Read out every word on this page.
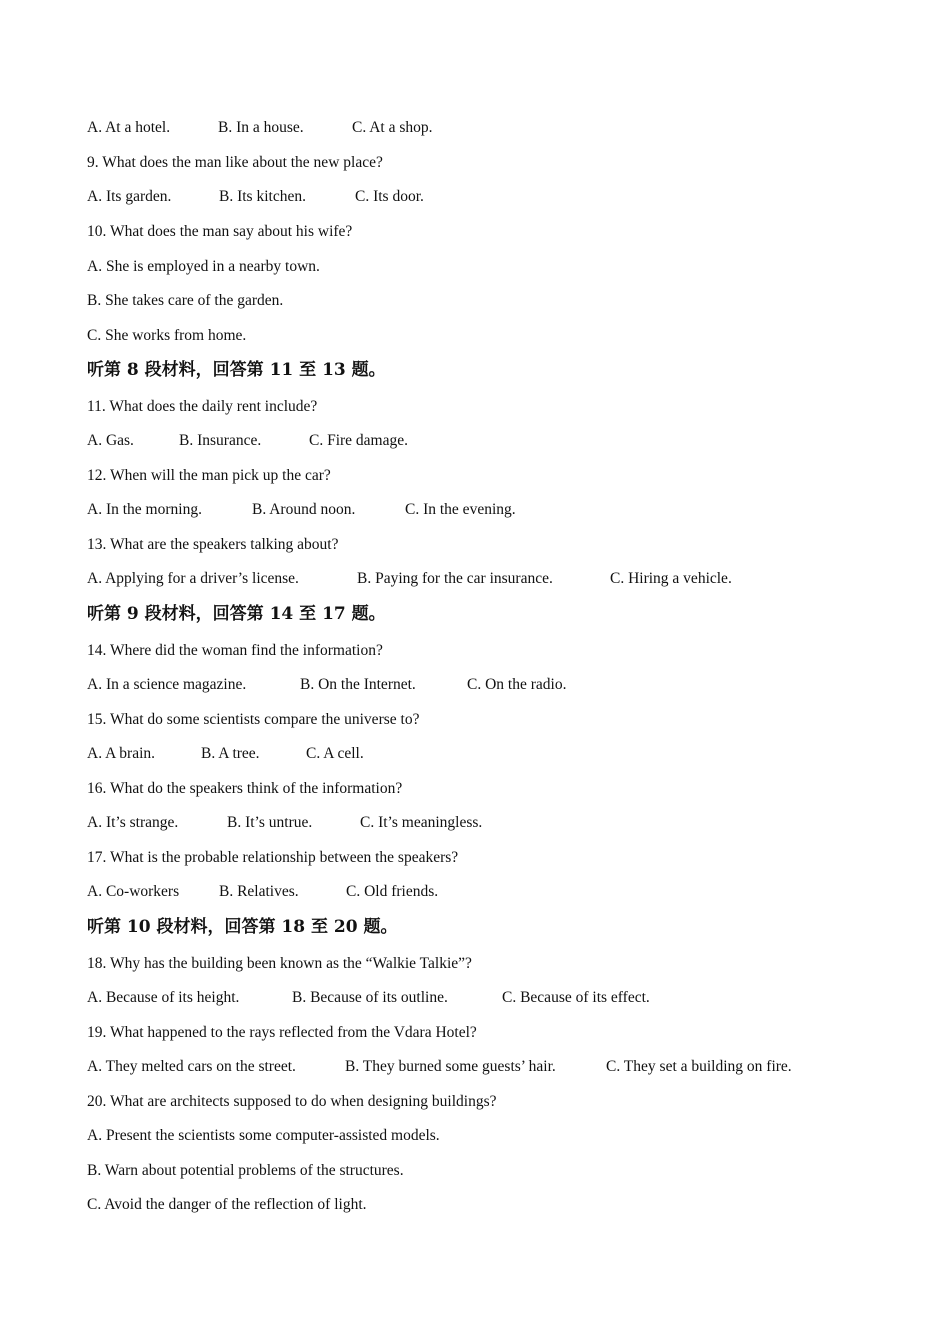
A. At a hotel.	B. In a house.	C. At a shop.
9. What does the man like about the new place?
A. Its garden.	B. Its kitchen.	C. Its door.
10. What does the man say about his wife?
A. She is employed in a nearby town.
B. She takes care of the garden.
C. She works from home.
听第 8 段材料，回答第 11 至 13 题。
11. What does the daily rent include?
A. Gas.	B. Insurance.	C. Fire damage.
12. When will the man pick up the car?
A. In the morning.	B. Around noon.	C. In the evening.
13. What are the speakers talking about?
A. Applying for a driver’s license.	B. Paying for the car insurance.	C. Hiring a vehicle.
听第 9 段材料，回答第 14 至 17 题。
14. Where did the woman find the information?
A. In a science magazine.	B. On the Internet.	C. On the radio.
15. What do some scientists compare the universe to?
A. A brain.	B. A tree.	C. A cell.
16. What do the speakers think of the information?
A. It’s strange.	B. It’s untrue.	C. It’s meaningless.
17. What is the probable relationship between the speakers?
A. Co-workers	B. Relatives.	C. Old friends.
听第 10 段材料，回答第 18 至 20 题。
18. Why has the building been known as the “Walkie Talkie”?
A. Because of its height.	B. Because of its outline.	C. Because of its effect.
19. What happened to the rays reflected from the Vdara Hotel?
A. They melted cars on the street.	B. They burned some guests’ hair.	C. They set a building on fire.
20. What are architects supposed to do when designing buildings?
A. Present the scientists some computer-assisted models.
B. Warn about potential problems of the structures.
C. Avoid the danger of the reflection of light.
